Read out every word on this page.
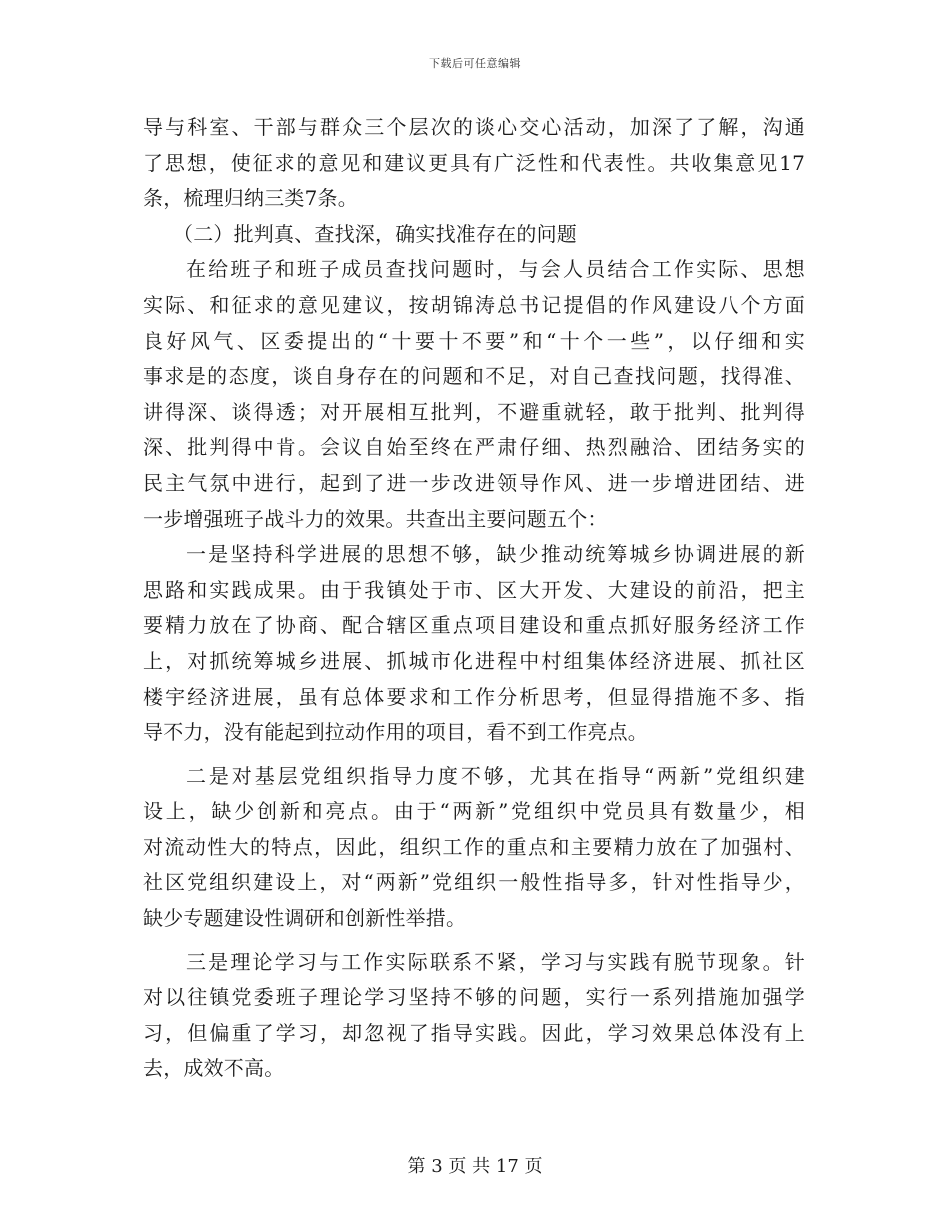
下载后可任意编辑
导与科室、干部与群众三个层次的谈心交心活动，加深了了解，沟通
了思想，使征求的意见和建议更具有广泛性和代表性。共收集意见17
条，梳理归纳三类7条。
（二）批判真、查找深，确实找准存在的问题
在给班子和班子成员查找问题时，与会人员结合工作实际、思想
实际、和征求的意见建议，按胡锦涛总书记提倡的作风建设八个方面
良好风气、区委提出的“十要十不要”和“十个一些”，以仔细和实
事求是的态度，谈自身存在的问题和不足，对自己查找问题，找得准、
讲得深、谈得透；对开展相互批判，不避重就轻，敢于批判、批判得
深、批判得中肯。会议自始至终在严肃仔细、热烈融洽、团结务实的
民主气氛中进行，起到了进一步改进领导作风、进一步增进团结、进
一步增强班子战斗力的效果。共查出主要问题五个：
一是坚持科学进展的思想不够，缺少推动统筹城乡协调进展的新
思路和实践成果。由于我镇处于市、区大开发、大建设的前沿，把主
要精力放在了协商、配合辖区重点项目建设和重点抓好服务经济工作
上，对抓统筹城乡进展、抓城市化进程中村组集体经济进展、抓社区
楼宇经济进展，虽有总体要求和工作分析思考，但显得措施不多、指
导不力，没有能起到拉动作用的项目，看不到工作亮点。
二是对基层党组织指导力度不够，尤其在指导“两新”党组织建
设上，缺少创新和亮点。由于“两新”党组织中党员具有数量少，相
对流动性大的特点，因此，组织工作的重点和主要精力放在了加强村、
社区党组织建设上，对“两新”党组织一般性指导多，针对性指导少，
缺少专题建设性调研和创新性举措。
三是理论学习与工作实际联系不紧，学习与实践有脱节现象。针
对以往镇党委班子理论学习坚持不够的问题，实行一系列措施加强学
习，但偏重了学习，却忽视了指导实践。因此，学习效果总体没有上
去，成效不高。
第 3 页 共 17 页
